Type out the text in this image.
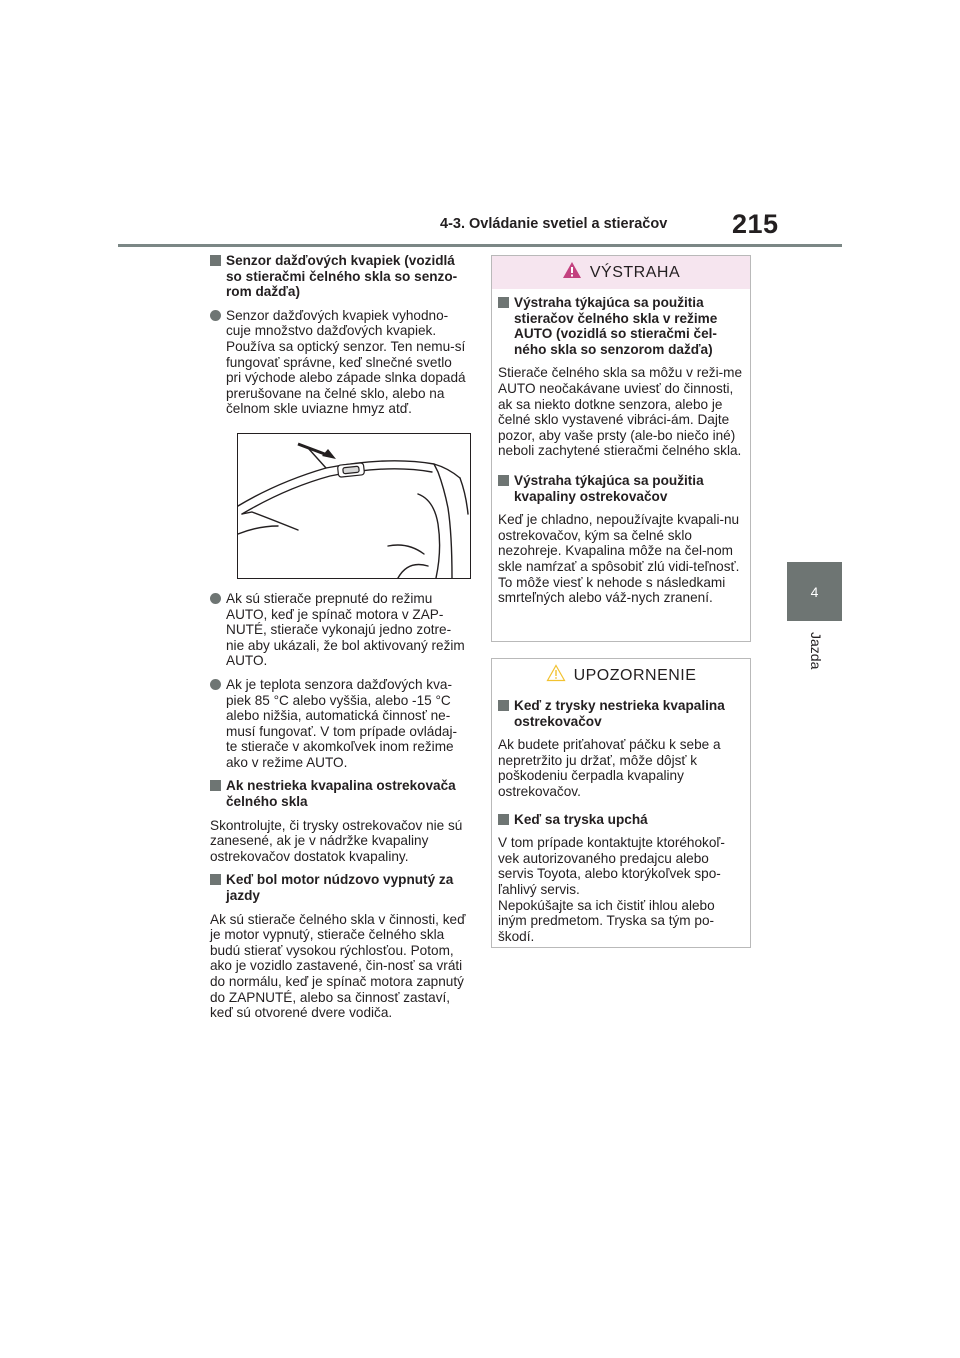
4-3. Ovládanie svetiel a stieračov 215
4
Jazda
Senzor dažďových kvapiek (vozidlá so stieračmi čelného skla so senzo-rom dažďa)
Senzor dažďových kvapiek vyhodno-cuje množstvo dažďových kvapiek. Používa sa optický senzor. Ten nemu-sí fungovať správne, keď slnečné svetlo pri východe alebo západe slnka dopadá prerušovane na čelné sklo, alebo na čelnom skle uviazne hmyz atď.
Ak sú stierače prepnuté do režimu AUTO, keď je spínač motora v ZAP-NUTÉ, stierače vykonajú jedno zotre-nie aby ukázali, že bol aktivovaný režim AUTO.
Ak je teplota senzora dažďových kva-piek 85 °C alebo vyššia, alebo -15 °C alebo nižšia, automatická činnosť ne-musí fungovať. V tom prípade ovládaj-te stierače v akomkoľvek inom režime ako v režime AUTO.
Ak nestrieka kvapalina ostrekovača čelného skla

Skontrolujte, či trysky ostrekovačov nie sú zanesené, ak je v nádržke kvapaliny ostrekovačov dostatok kvapaliny.

Keď bol motor núdzovo vypnutý za jazdy

Ak sú stierače čelného skla v činnosti, keď je motor vypnutý, stierače čelného skla budú stierať vysokou rýchlosťou. Potom, ako je vozidlo zastavené, čin-nosť sa vráti do normálu, keď je spínač motora zapnutý do ZAPNUTÉ, alebo sa činnosť zastaví, keď sú otvorené dvere vodiča.

VÝSTRAHA
Výstraha týkajúca sa použitia stieračov čelného skla v režime AUTO (vozidlá so stieračmi čel-ného skla so senzorom dažďa)

Stierače čelného skla sa môžu v reži-me AUTO neočakávane uviesť do činnosti, ak sa niekto dotkne senzora, alebo je čelné sklo vystavené vibráci-ám. Dajte pozor, aby vaše prsty (ale-bo niečo iné) neboli zachytené stieračmi čelného skla.

Výstraha týkajúca sa použitia kvapaliny ostrekovačov

Keď je chladno, nepoužívajte kvapali-nu ostrekovačov, kým sa čelné sklo nezohreje. Kvapalina môže na čel-nom skle namŕzať a spôsobiť zlú vidi-teľnosť. To môže viesť k nehode s následkami smrteľných alebo váž-nych zranení.

UPOZORNENIE
Keď z trysky nestrieka kvapalina ostrekovačov

Ak budete priťahovať páčku k sebe a nepretržito ju držať, môže dôjsť k poškodeniu čerpadla kvapaliny ostrekovačov.

Keď sa tryska upchá

V tom prípade kontaktujte ktoréhokoľ-vek autorizovaného predajcu alebo servis Toyota, alebo ktorýkoľvek spo-ľahlivý servis.

Nepokúšajte sa ich čistiť ihlou alebo iným predmetom. Tryska sa tým po-škodí.
